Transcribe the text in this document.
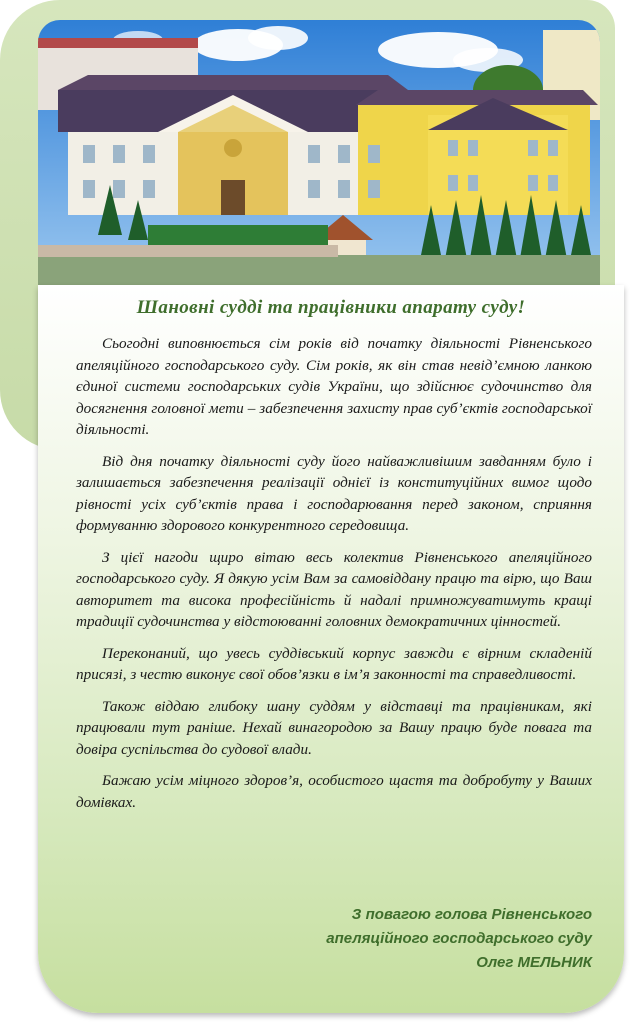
Шановні судді та працівники апарату суду!

Сьогодні виповнюється сім років від початку діяльності Рівненського апеляційного господарського суду. Сім років, як він став невід’ємною ланкою єдиної системи господарських судів України, що здійснює судочинство для досягнення головної мети – забезпечення захисту прав суб’єктів господарської діяльності.

Від дня початку діяльності суду його найважливішим завданням було і залишається забезпечення реалізації однієї із конституційних вимог щодо рівності усіх суб’єктів права і господарювання перед законом, сприяння формуванню здорового конкурентного середовища.

З цієї нагоди щиро вітаю весь колектив Рівненського апеляційного господарського суду. Я дякую усім Вам за самовіддану працю та вірю, що Ваш авторитет та висока професійність й надалі примножуватимуть кращі традиції судочинства у відстоюванні головних демократичних цінностей.

Переконаний, що увесь суддівський корпус завжди є вірним складеній присязі, з честю виконує свої обов’язки в ім’я законності та справедливості.

Також віддаю глибоку шану суддям у відставці та працівникам, які працювали тут раніше. Нехай винагородою за Вашу працю буде повага та довіра суспільства до судової влади.

Бажаю усім міцного здоров’я, особистого щастя та добробуту у Ваших домівках.

З повагою голова Рівненського
апеляційного господарського суду
Олег МЕЛЬНИК
